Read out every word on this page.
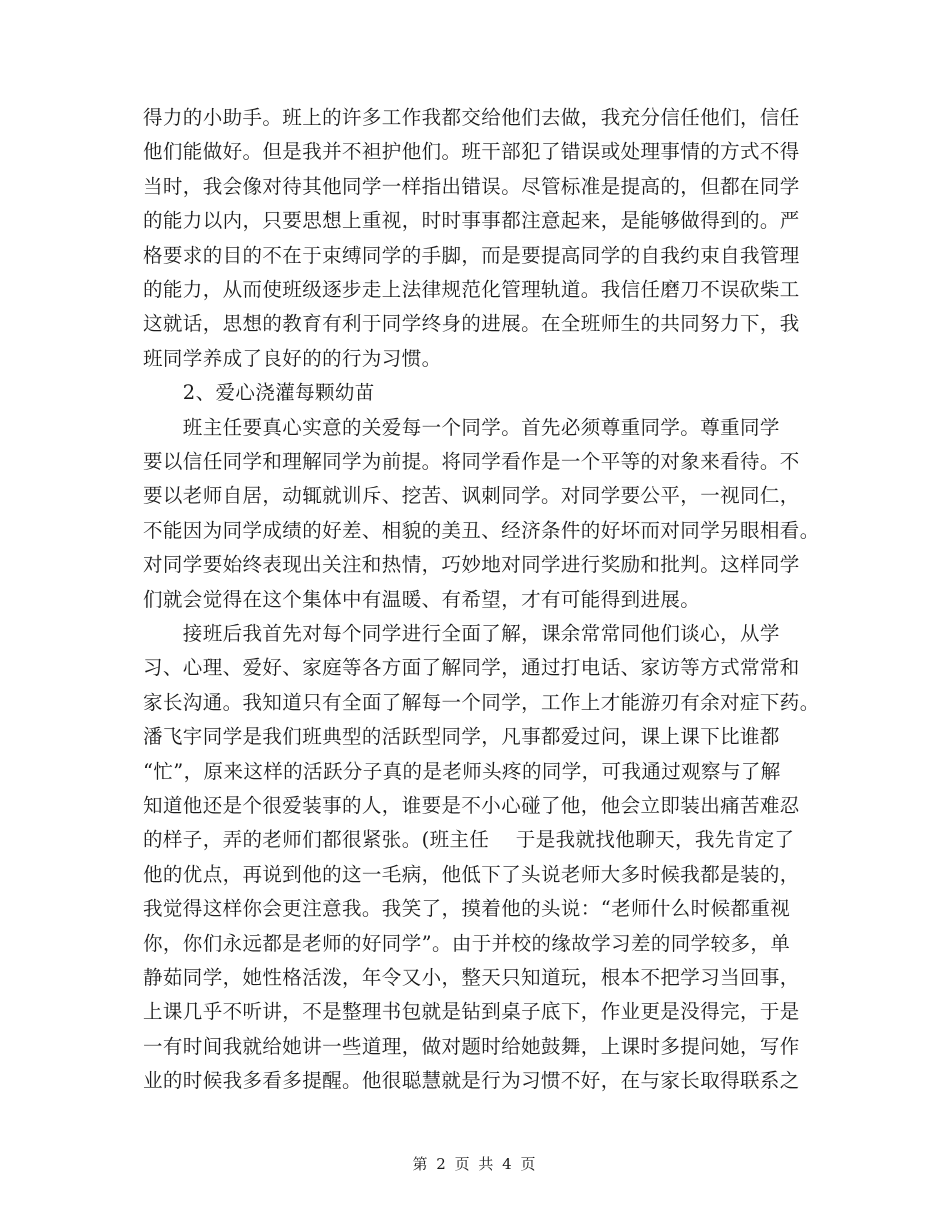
得力的小助手。班上的许多工作我都交给他们去做，我充分信任他们，信任
他们能做好。但是我并不袒护他们。班干部犯了错误或处理事情的方式不得
当时，我会像对待其他同学一样指出错误。尽管标准是提高的，但都在同学
的能力以内，只要思想上重视，时时事事都注意起来，是能够做得到的。严
格要求的目的不在于束缚同学的手脚，而是要提高同学的自我约束自我管理
的能力，从而使班级逐步走上法律规范化管理轨道。我信任磨刀不误砍柴工
这就话，思想的教育有利于同学终身的进展。在全班师生的共同努力下，我
班同学养成了良好的的行为习惯。
　　2、爱心浇灌每颗幼苗
　　班主任要真心实意的关爱每一个同学。首先必须尊重同学。尊重同学
要以信任同学和理解同学为前提。将同学看作是一个平等的对象来看待。不
要以老师自居，动辄就训斥、挖苦、讽刺同学。对同学要公平，一视同仁，
不能因为同学成绩的好差、相貌的美丑、经济条件的好坏而对同学另眼相看。
对同学要始终表现出关注和热情，巧妙地对同学进行奖励和批判。这样同学
们就会觉得在这个集体中有温暖、有希望，才有可能得到进展。
　　接班后我首先对每个同学进行全面了解，课余常常同他们谈心，从学
习、心理、爱好、家庭等各方面了解同学，通过打电话、家访等方式常常和
家长沟通。我知道只有全面了解每一个同学，工作上才能游刃有余对症下药。
潘飞宇同学是我们班典型的活跃型同学，凡事都爱过问，课上课下比谁都
“忙”，原来这样的活跃分子真的是老师头疼的同学，可我通过观察与了解
知道他还是个很爱装事的人，谁要是不小心碰了他，他会立即装出痛苦难忍
的样子，弄的老师们都很紧张。(班主任　 于是我就找他聊天，我先肯定了
他的优点，再说到他的这一毛病，他低下了头说老师大多时候我都是装的，
我觉得这样你会更注意我。我笑了，摸着他的头说：“老师什么时候都重视
你，你们永远都是老师的好同学”。由于并校的缘故学习差的同学较多，单
静茹同学，她性格活泼，年令又小，整天只知道玩，根本不把学习当回事，
上课几乎不听讲，不是整理书包就是钻到桌子底下，作业更是没得完，于是
一有时间我就给她讲一些道理，做对题时给她鼓舞，上课时多提问她，写作
业的时候我多看多提醒。他很聪慧就是行为习惯不好，在与家长取得联系之
第 2 页 共 4 页
